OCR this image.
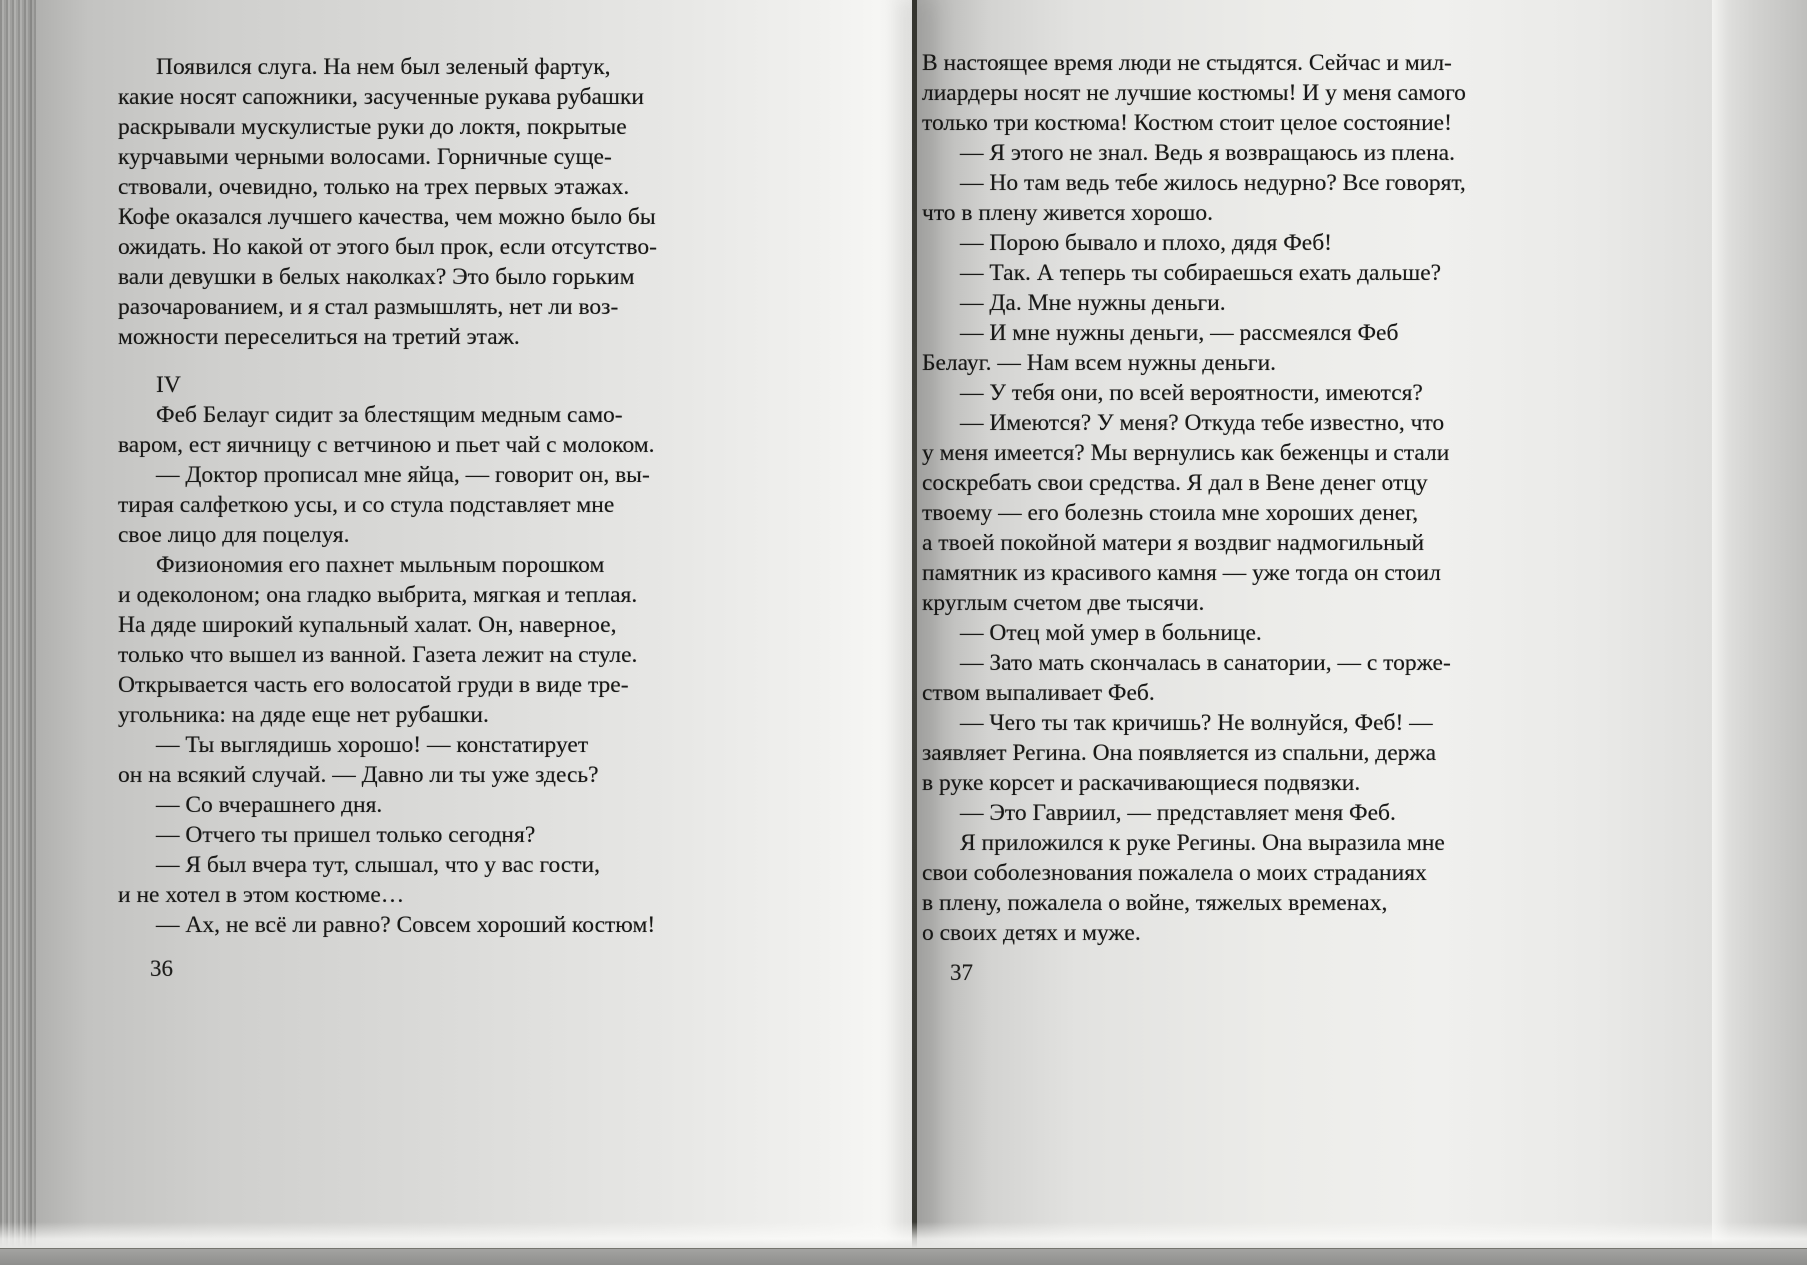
Появился слуга. На нем был зеленый фартук,
какие носят сапожники, засученные рукава рубашки
раскрывали мускулистые руки до локтя, покрытые
курчавыми черными волосами. Горничные суще-
ствовали, очевидно, только на трех первых этажах.
Кофе оказался лучшего качества, чем можно было бы
ожидать. Но какой от этого был прок, если отсутство-
вали девушки в белых наколках? Это было горьким
разочарованием, и я стал размышлять, нет ли воз-
можности переселиться на третий этаж.
IV
Феб Белауг сидит за блестящим медным само-
варом, ест яичницу с ветчиною и пьет чай с молоком.
— Доктор прописал мне яйца, — говорит он, вы-
тирая салфеткою усы, и со стула подставляет мне
свое лицо для поцелуя.
Физиономия его пахнет мыльным порошком
и одеколоном; она гладко выбрита, мягкая и теплая.
На дяде широкий купальный халат. Он, наверное,
только что вышел из ванной. Газета лежит на стуле.
Открывается часть его волосатой груди в виде тре-
угольника: на дяде еще нет рубашки.
— Ты выглядишь хорошо! — констатирует
он на всякий случай. — Давно ли ты уже здесь?
— Со вчерашнего дня.
— Отчего ты пришел только сегодня?
— Я был вчера тут, слышал, что у вас гости,
и не хотел в этом костюме…
— Ах, не всё ли равно? Совсем хороший костюм!
В настоящее время люди не стыдятся. Сейчас и мил-
лиардеры носят не лучшие костюмы! И у меня самого
только три костюма! Костюм стоит целое состояние!
— Я этого не знал. Ведь я возвращаюсь из плена.
— Но там ведь тебе жилось недурно? Все говорят,
что в плену живется хорошо.
— Порою бывало и плохо, дядя Феб!
— Так. А теперь ты собираешься ехать дальше?
— Да. Мне нужны деньги.
— И мне нужны деньги, — рассмеялся Феб
Белауг. — Нам всем нужны деньги.
— У тебя они, по всей вероятности, имеются?
— Имеются? У меня? Откуда тебе известно, что
у меня имеется? Мы вернулись как беженцы и стали
соскребать свои средства. Я дал в Вене денег отцу
твоему — его болезнь стоила мне хороших денег,
а твоей покойной матери я воздвиг надмогильный
памятник из красивого камня — уже тогда он стоил
круглым счетом две тысячи.
— Отец мой умер в больнице.
— Зато мать скончалась в санатории, — с торже-
ством выпаливает Феб.
— Чего ты так кричишь? Не волнуйся, Феб! —
заявляет Регина. Она появляется из спальни, держа
в руке корсет и раскачивающиеся подвязки.
— Это Гавриил, — представляет меня Феб.
Я приложился к руке Регины. Она выразила мне
свои соболезнования пожалела о моих страданиях
в плену, пожалела о войне, тяжелых временах,
о своих детях и муже.
36	37
